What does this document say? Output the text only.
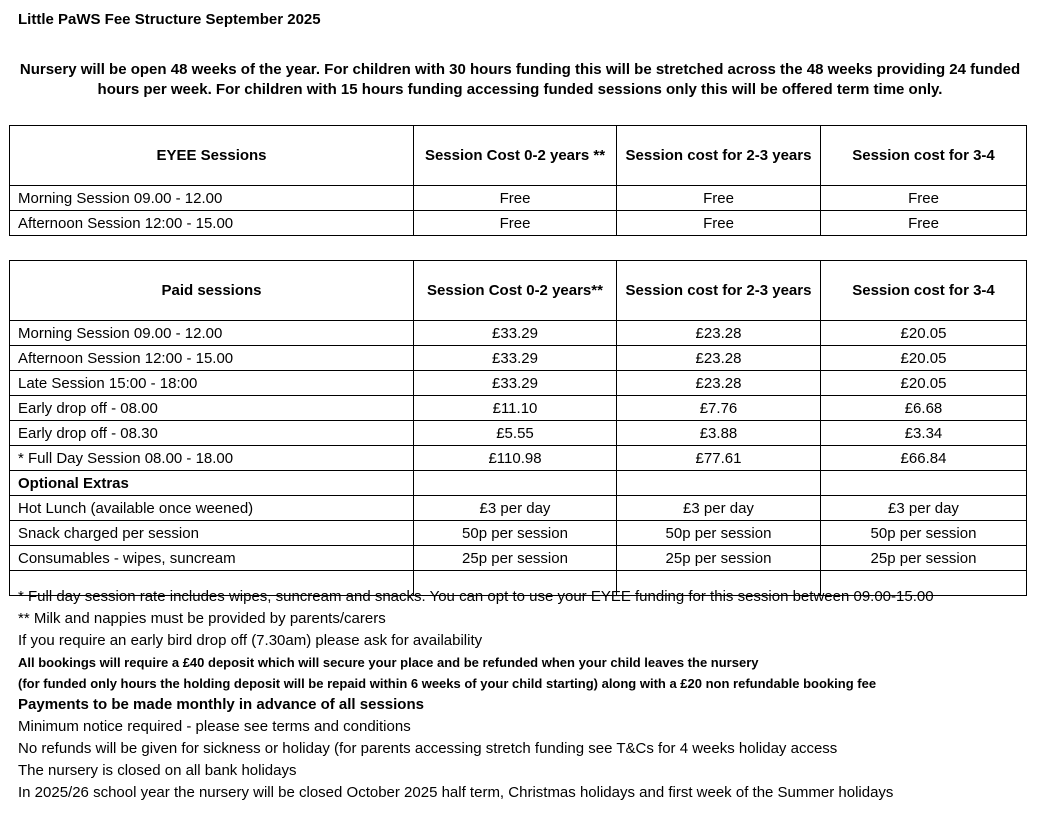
Little PaWS Fee Structure September 2025
Nursery will be open 48 weeks of the year. For children with 30 hours funding this will be stretched across the 48 weeks providing 24 funded hours per week. For children with 15 hours funding accessing funded sessions only this will be offered term time only.
EYEE Sessions	Session Cost 0-2 years **	Session cost for 2-3 years	Session cost for 3-4
Morning Session 09.00 - 12.00	Free	Free	Free
Afternoon Session 12:00 - 15.00	Free	Free	Free
Paid sessions	Session Cost 0-2 years**	Session cost for 2-3 years	Session cost for 3-4
Morning Session 09.00 - 12.00	£33.29	£23.28	£20.05
Afternoon Session 12:00 - 15.00	£33.29	£23.28	£20.05
Late Session 15:00 - 18:00	£33.29	£23.28	£20.05
Early drop off - 08.00	£11.10	£7.76	£6.68
Early drop off - 08.30	£5.55	£3.88	£3.34
* Full Day Session 08.00 - 18.00	£110.98	£77.61	£66.84
Optional Extras			
Hot Lunch (available once weened)	£3 per day	£3 per day	£3 per day
Snack charged per session	50p per session	50p per session	50p per session
Consumables - wipes, suncream	25p per session	25p per session	25p per session

* Full day session rate includes wipes, suncream and snacks. You can opt to use your EYEE funding for this session between 09.00-15.00
** Milk and nappies must be provided by parents/carers
If you require an early bird drop off (7.30am) please ask for availability
All bookings will require a £40 deposit which will secure your place and be refunded when your child leaves the nursery
(for funded only hours the holding deposit will be repaid within 6 weeks of your child starting) along with a £20 non refundable booking fee
Payments to be made monthly in advance of all sessions
Minimum notice required - please see terms and conditions
No refunds will be given for sickness or holiday (for parents accessing stretch funding see T&Cs for 4 weeks holiday access
The nursery is closed on all bank holidays
In 2025/26 school year the nursery will be closed October 2025 half term, Christmas holidays and first week of the Summer holidays
